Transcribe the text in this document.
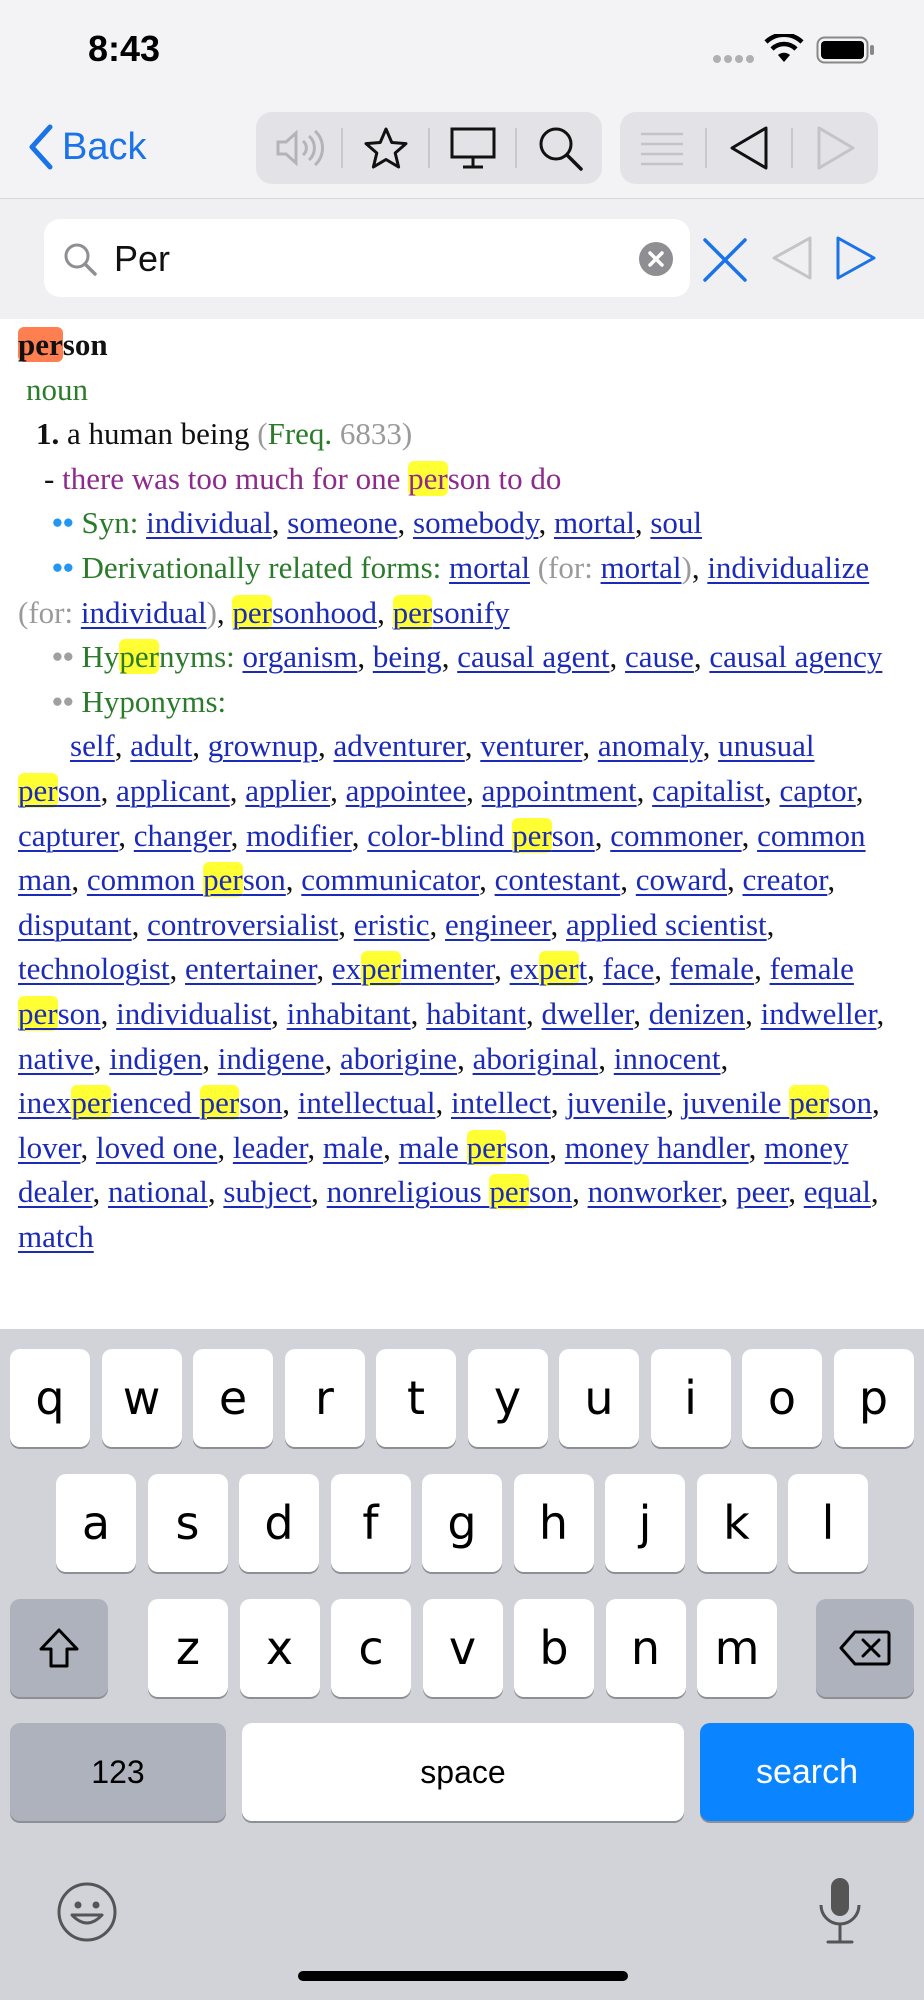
8:43
Back
Per
person
noun
1. a human being (Freq. 6833)
- there was too much for one person to do
•• Syn: individual, someone, somebody, mortal, soul
•• Derivationally related forms: mortal (for: mortal), individualize (for: individual), personhood, personify
•• Hypernyms: organism, being, causal agent, cause, causal agency
•• Hyponyms:
self, adult, grownup, adventurer, venturer, anomaly, unusual person, applicant, applier, appointee, appointment, capitalist, captor, capturer, changer, modifier, color-blind person, commoner, common man, common person, communicator, contestant, coward, creator, disputant, controversialist, eristic, engineer, applied scientist, technologist, entertainer, experimenter, expert, face, female, female person, individualist, inhabitant, habitant, dweller, denizen, indweller, native, indigen, indigene, aborigine, aboriginal, innocent, inexperienced person, intellectual, intellect, juvenile, juvenile person, lover, loved one, leader, male, male person, money handler, money dealer, national, subject, nonreligious person, nonworker, peer, equal, match
q	w	e	r	t	y	u	i	o	p
a	s	d	f	g	h	j	k	l
z	x	c	v	b	n	m
123	space	search
